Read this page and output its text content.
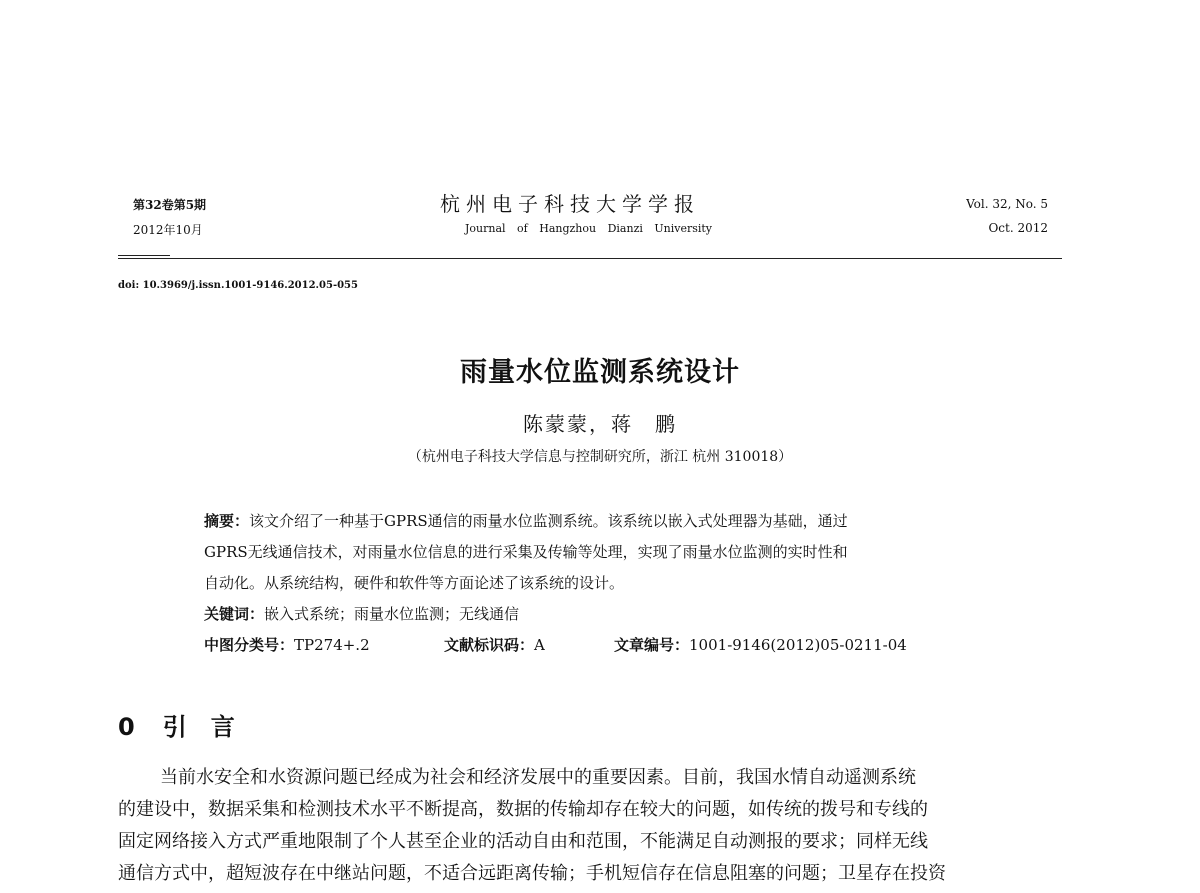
第32卷第5期
2012年10月
杭州电子科技大学学报
Journal of Hangzhou Dianzi University
Vol. 32, No. 5
Oct. 2012
doi: 10.3969/j.issn.1001-9146.2012.05-055
雨量水位监测系统设计
陈蒙蒙，蒋　鹏
（杭州电子科技大学信息与控制研究所，浙江 杭州 310018）
摘要：该文介绍了一种基于GPRS通信的雨量水位监测系统。该系统以嵌入式处理器为基础，通过
GPRS无线通信技术，对雨量水位信息的进行采集及传输等处理，实现了雨量水位监测的实时性和
自动化。从系统结构，硬件和软件等方面论述了该系统的设计。
关键词：嵌入式系统；雨量水位监测；无线通信
中图分类号：TP274+.2	文献标识码：A	文章编号：1001-9146(2012)05-0211-04
0 引　言
当前水安全和水资源问题已经成为社会和经济发展中的重要因素。目前，我国水情自动遥测系统
的建设中，数据采集和检测技术水平不断提高，数据的传输却存在较大的问题，如传统的拨号和专线的
固定网络接入方式严重地限制了个人甚至企业的活动自由和范围，不能满足自动测报的要求；同样无线
通信方式中，超短波存在中继站问题，不适合远距离传输；手机短信存在信息阻塞的问题；卫星存在投资
